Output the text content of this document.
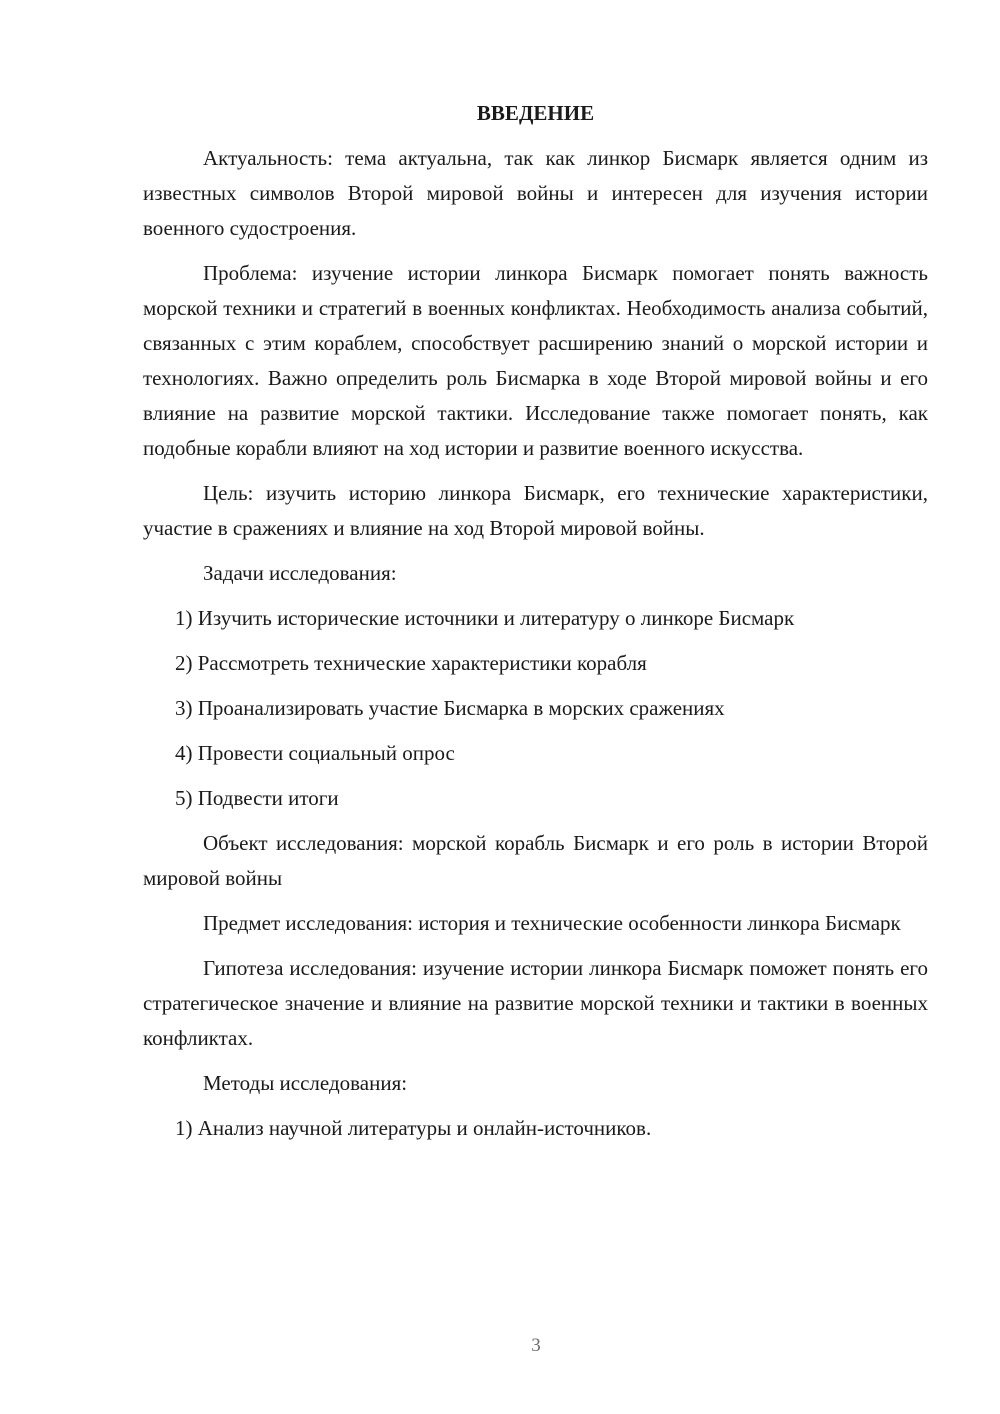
ВВЕДЕНИЕ

Актуальность: тема актуальна, так как линкор Бисмарк является одним из известных символов Второй мировой войны и интересен для изучения истории военного судостроения.

Проблема: изучение истории линкора Бисмарк помогает понять важность морской техники и стратегий в военных конфликтах. Необходимость анализа событий, связанных с этим кораблем, способствует расширению знаний о морской истории и технологиях. Важно определить роль Бисмарка в ходе Второй мировой войны и его влияние на развитие морской тактики. Исследование также помогает понять, как подобные корабли влияют на ход истории и развитие военного искусства.

Цель: изучить историю линкора Бисмарк, его технические характеристики, участие в сражениях и влияние на ход Второй мировой войны.

Задачи исследования:

1) Изучить исторические источники и литературу о линкоре Бисмарк
2) Рассмотреть технические характеристики корабля
3) Проанализировать участие Бисмарка в морских сражениях
4) Провести социальный опрос
5) Подвести итоги

Объект исследования: морской корабль Бисмарк и его роль в истории Второй мировой войны

Предмет исследования: история и технические особенности линкора Бисмарк

Гипотеза исследования: изучение истории линкора Бисмарк поможет понять его стратегическое значение и влияние на развитие морской техники и тактики в военных конфликтах.

Методы исследования:

1) Анализ научной литературы и онлайн-источников.
3
